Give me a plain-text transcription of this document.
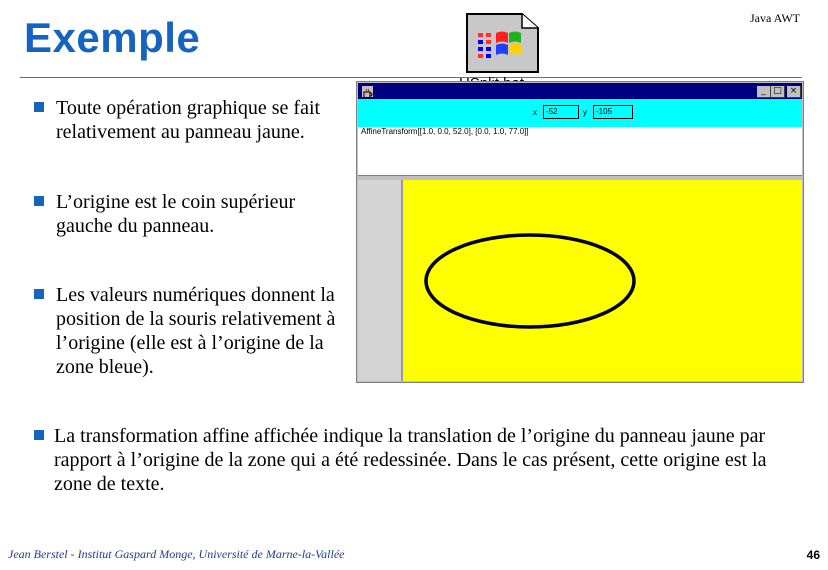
Exemple	Java AWT
Toute opération graphique se fait relativement au panneau jaune.
L’origine est le coin supérieur gauche du panneau.
Les valeurs numériques donnent la position de la souris relativement à l’origine (elle est à l’origine de la zone bleue).
La transformation affine affichée indique la translation de l’origine du panneau jaune par rapport à l’origine de la zone qui a été redessinée. Dans le cas présent, cette origine est la zone de texte.
_ □ ×
x	-52	y	-105
AffineTransform[[1.0, 0.0, 52.0], [0.0, 1.0, 77.0]]
Jean Berstel - Institut Gaspard Monge, Université de Marne-la-Vallée	46
